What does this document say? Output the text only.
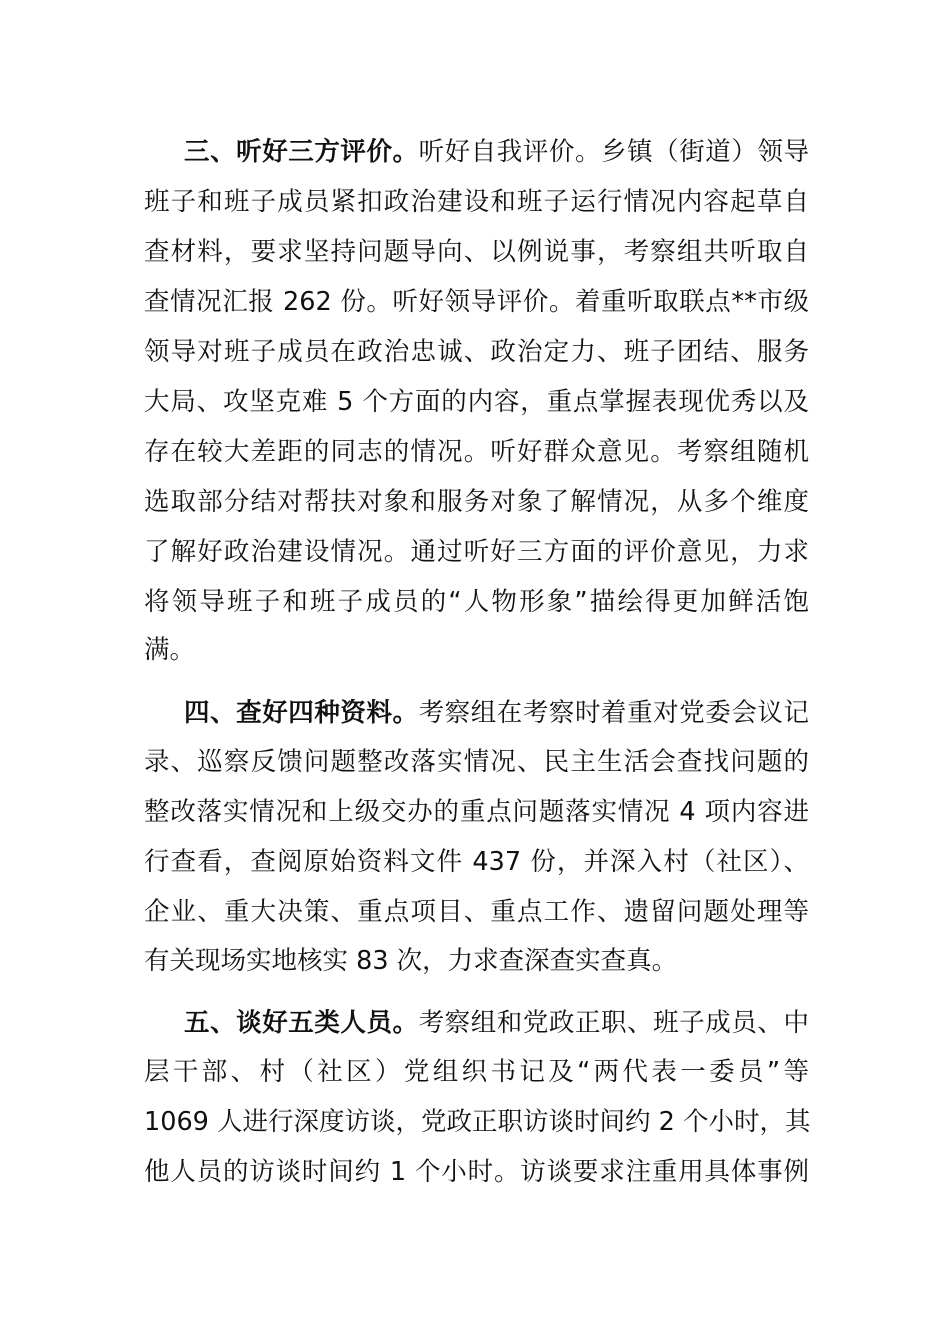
三、听好三方评价。听好自我评价。乡镇（街道）领导
班子和班子成员紧扣政治建设和班子运行情况内容起草自
查材料，要求坚持问题导向、以例说事，考察组共听取自
查情况汇报 262 份。听好领导评价。着重听取联点**市级
领导对班子成员在政治忠诚、政治定力、班子团结、服务
大局、攻坚克难 5 个方面的内容，重点掌握表现优秀以及
存在较大差距的同志的情况。听好群众意见。考察组随机
选取部分结对帮扶对象和服务对象了解情况，从多个维度
了解好政治建设情况。通过听好三方面的评价意见，力求
将领导班子和班子成员的“人物形象”描绘得更加鲜活饱
满。
四、查好四种资料。考察组在考察时着重对党委会议记
录、巡察反馈问题整改落实情况、民主生活会查找问题的
整改落实情况和上级交办的重点问题落实情况 4 项内容进
行查看，查阅原始资料文件 437 份，并深入村（社区）、
企业、重大决策、重点项目、重点工作、遗留问题处理等
有关现场实地核实 83 次，力求查深查实查真。
五、谈好五类人员。考察组和党政正职、班子成员、中
层干部、村（社区）党组织书记及“两代表一委员”等
1069 人进行深度访谈，党政正职访谈时间约 2 个小时，其
他人员的访谈时间约 1 个小时。访谈要求注重用具体事例
